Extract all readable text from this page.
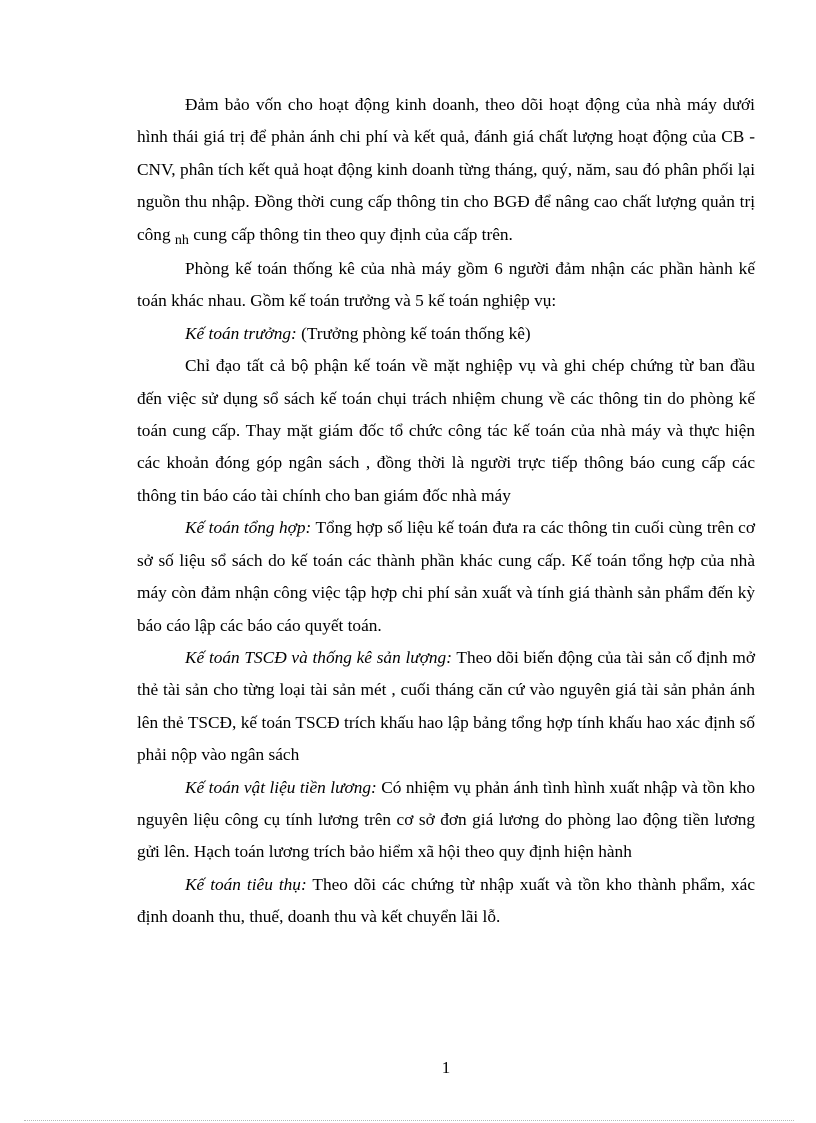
Đảm bảo vốn cho hoạt động kinh doanh, theo dõi hoạt động của nhà máy dưới hình thái giá trị để phản ánh chi phí và kết quả, đánh giá chất lượng hoạt động của CB - CNV, phân tích kết quả hoạt động kinh doanh từng tháng, quý, năm, sau đó phân phối lại nguồn thu nhập. Đồng thời cung cấp thông tin cho BGĐ để nâng cao chất lượng quản trị công $_{nh}$ cung cấp thông tin theo quy định của cấp trên.

Phòng kế toán thống kê của nhà máy gồm 6 người đảm nhận các phần hành kế toán khác nhau. Gồm kế toán trưởng và 5 kế toán nghiệp vụ:

Kế toán trưởng: (Trưởng phòng kế toán thống kê)

Chỉ đạo tất cả bộ phận kế toán về mặt nghiệp vụ và ghi chép chứng từ ban đầu đến việc sử dụng sổ sách kế toán chụi trách nhiệm chung về các thông tin do phòng kế toán cung cấp. Thay mặt giám đốc tổ chức công tác kế toán của nhà máy và thực hiện các khoản đóng góp ngân sách , đồng thời là người trực tiếp thông báo cung cấp các thông tin báo cáo tài chính cho ban giám đốc nhà máy

Kế toán tổng hợp: Tổng hợp số liệu kế toán đưa ra các thông tin cuối cùng trên cơ sở số liệu sổ sách do kế toán các thành phần khác cung cấp. Kế toán tổng hợp của nhà máy còn đảm nhận công việc tập hợp chi phí sản xuất và tính giá thành sản phẩm đến kỳ báo cáo lập các báo cáo quyết toán.

Kế toán TSCĐ và thống kê sản lượng: Theo dõi biến động của tài sản cố định mở thẻ tài sản cho từng loại tài sản mét , cuối tháng căn cứ vào nguyên giá tài sản phản ánh lên thẻ TSCĐ, kế toán TSCĐ trích khấu hao lập bảng tổng hợp tính khấu hao xác định số phải nộp vào ngân sách

Kế toán vật liệu tiền lương: Có nhiệm vụ phản ánh tình hình xuất nhập và tồn kho nguyên liệu công cụ tính lương trên cơ sở đơn giá lương do phòng lao động tiền lương gửi lên. Hạch toán lương trích bảo hiểm xã hội theo quy định hiện hành

Kế toán tiêu thụ: Theo dõi các chứng từ nhập xuất và tồn kho thành phẩm, xác định doanh thu, thuế, doanh thu và kết chuyển lãi lỗ.

1
